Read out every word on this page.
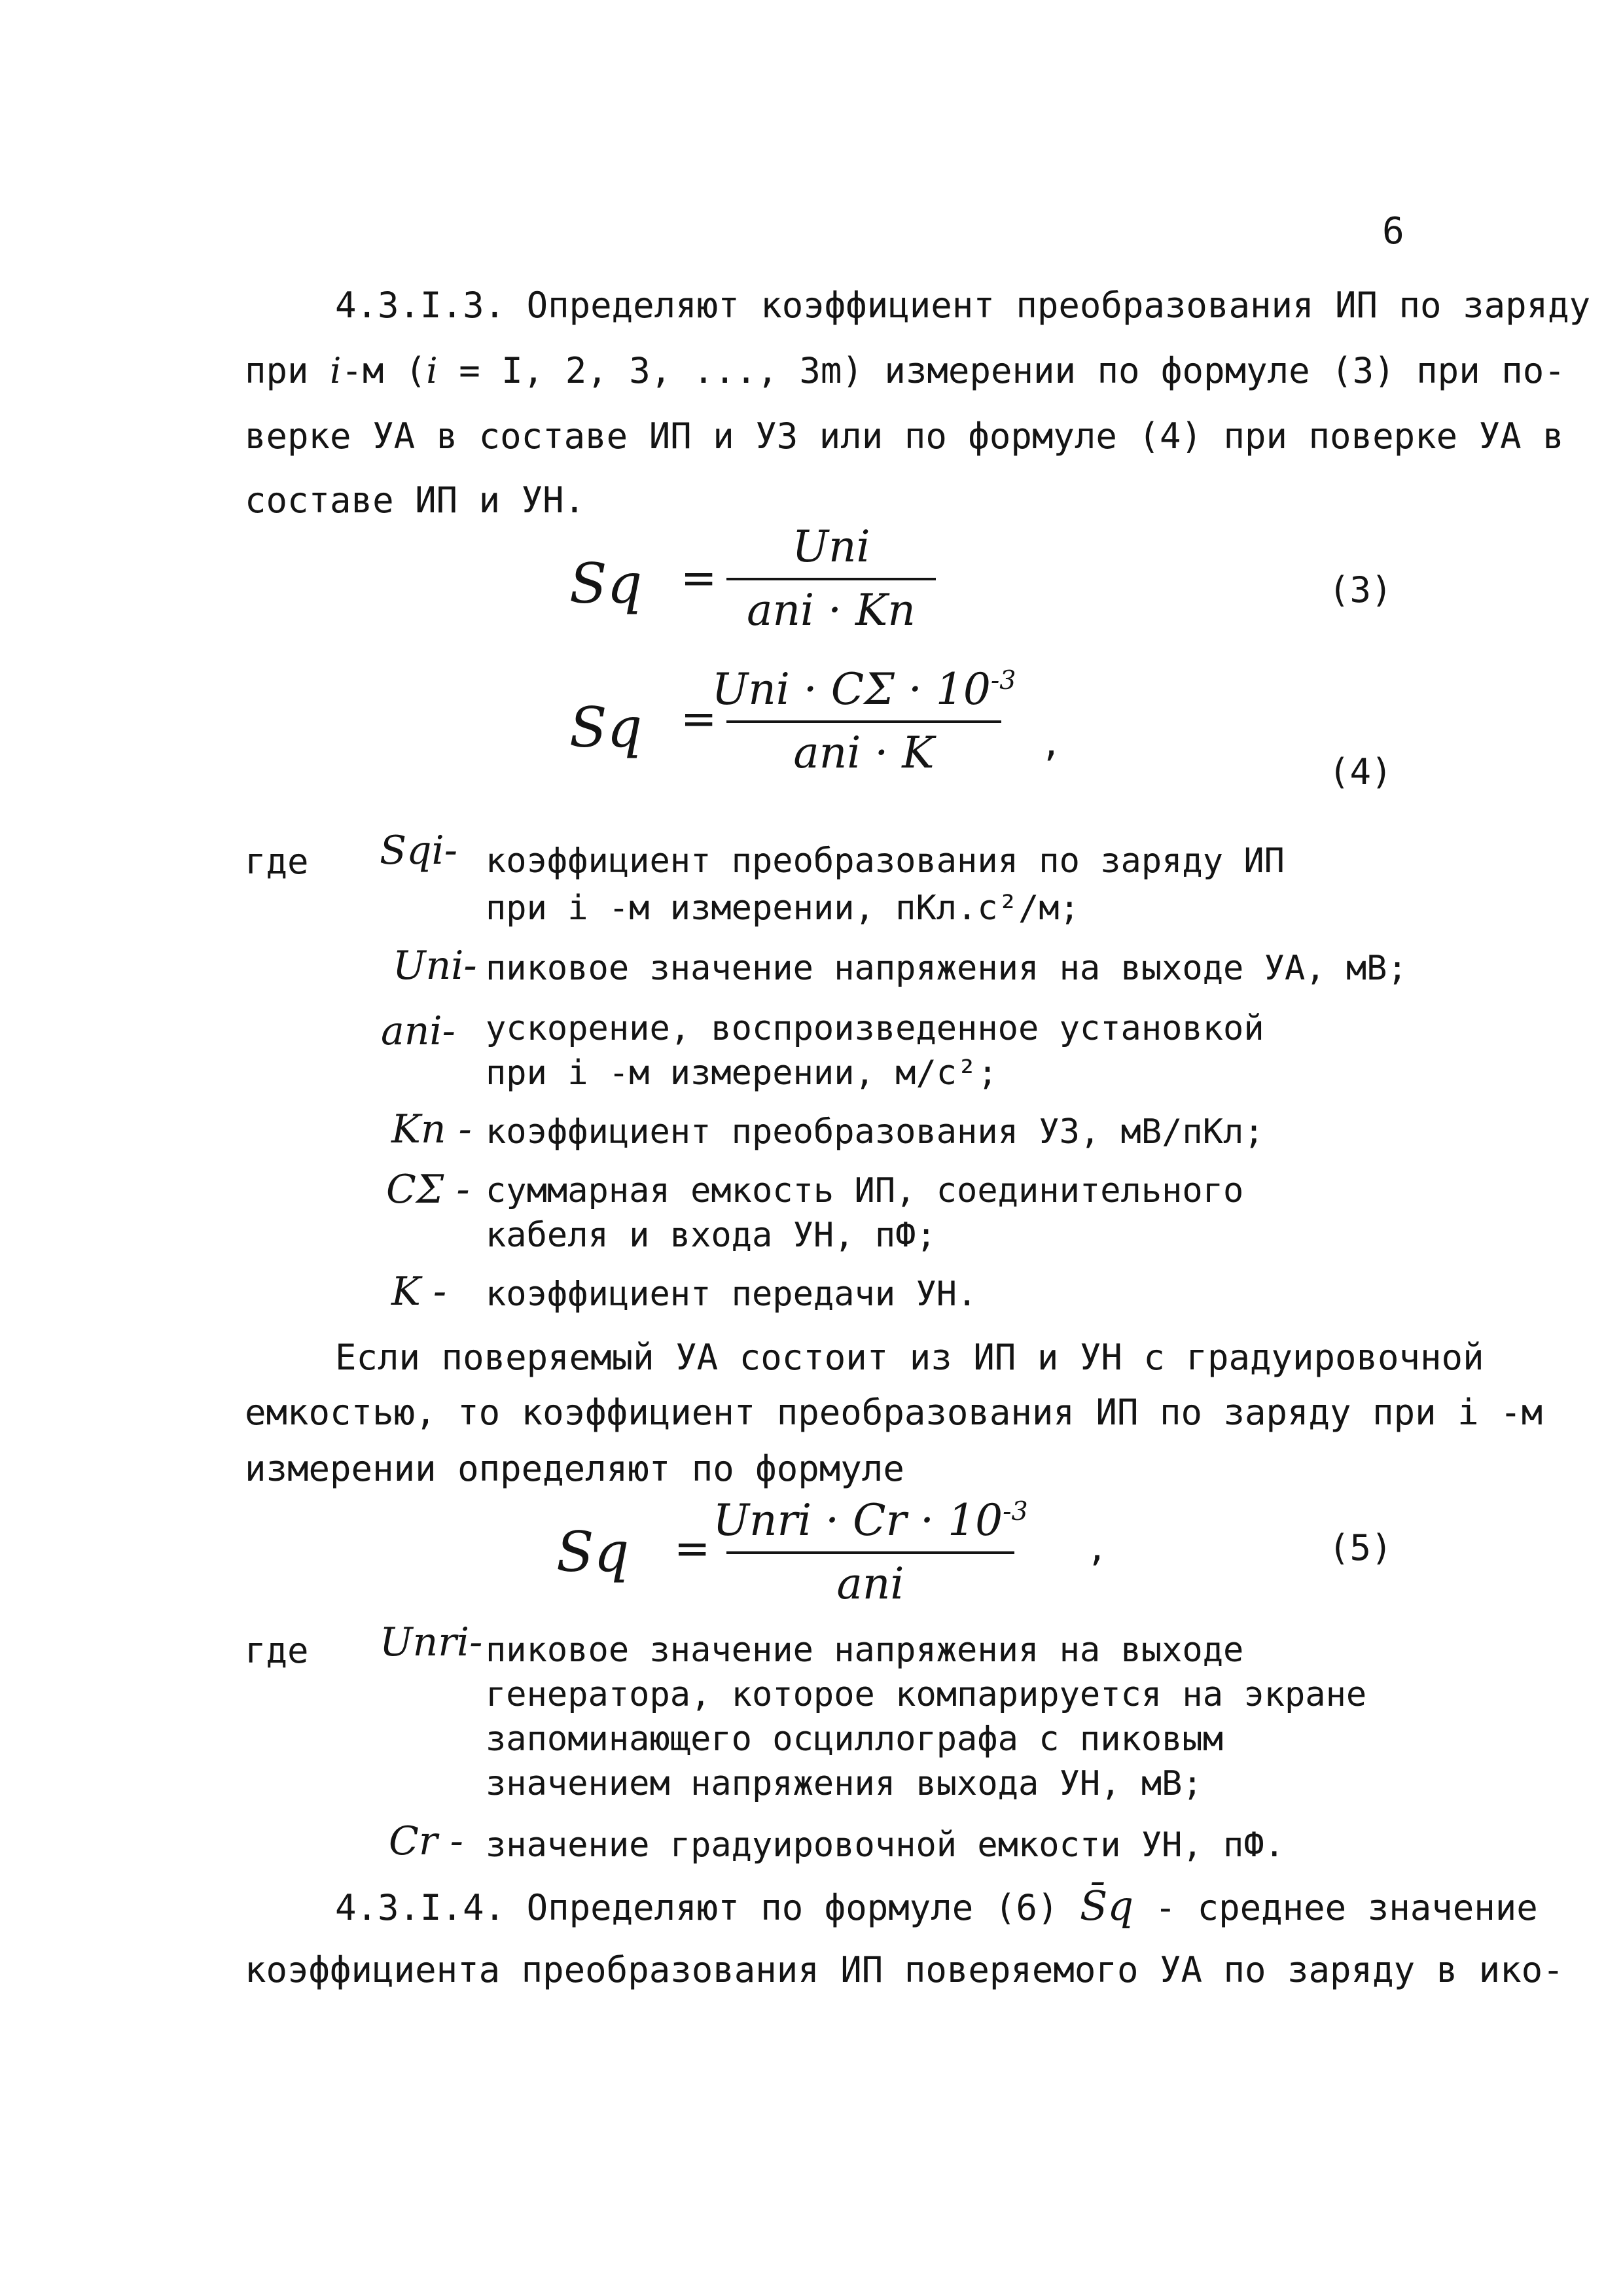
6
4.3.I.3. Определяют коэффициент преобразования ИП по заряду
при i-м (i = I, 2, 3, ..., 3m) измерении по формуле (3) при по-
верке УА в составе ИП и УЗ или по формуле (4) при поверке УА в
составе ИП и УН.
Sq =
Uni
ani · Kп	(3)
Sq =
Uni · $C\Sigma \cdot 10^{-3}$
ani · K	,
(4)
где Sqi- коэффициент преобразования по заряду ИП
при i -м измерении, пКл.с²/м;
Uni- пиковое значение напряжения на выходе УА, мВ;
ani- ускорение, воспроизведенное установкой
при i -м измерении, м/с²;
Kп - коэффициент преобразования УЗ, мВ/пКл;
CΣ - суммарная емкость ИП, соединительного
кабеля и входа УН, пФ;
K - коэффициент передачи УН.
Если поверяемый УА состоит из ИП и УН с градуировочной
емкостью, то коэффициент преобразования ИП по заряду при i -м
измерении определяют по формуле
Sq =
Unri · $Cr \cdot 10^{-3}$
ani
,	(5)
где Unri- пиковое значение напряжения на выходе
генератора, которое компарируется на экране
запоминающего осциллографа с пиковым
значением напряжения выхода УН, мВ;
Cr - значение градуировочной емкости УН, пФ.
4.3.I.4. Определяют по формуле (6) S̄q - среднее значение
коэффициента преобразования ИП поверяемого УА по заряду в ико-
